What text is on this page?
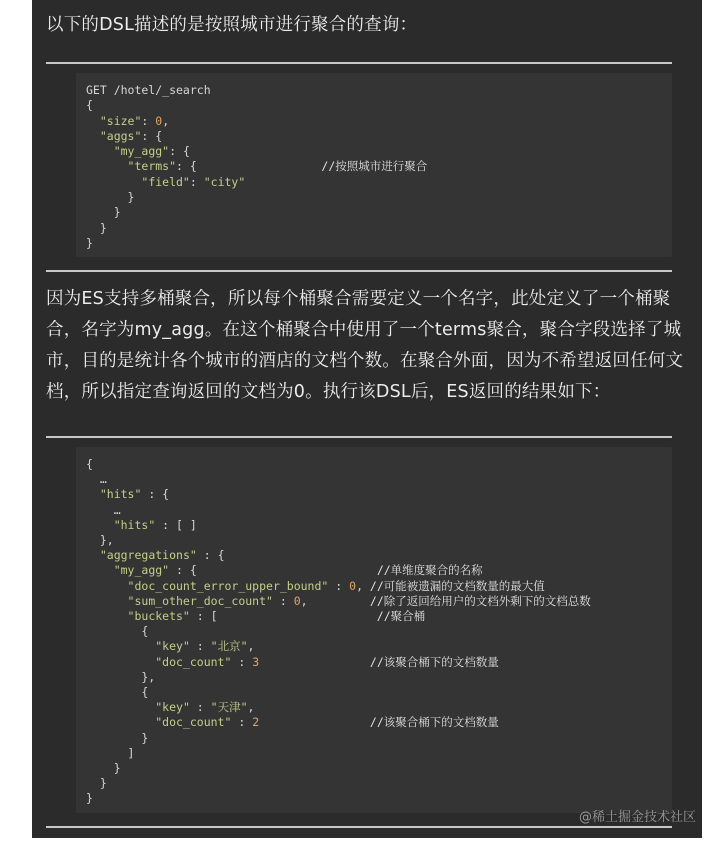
以下的DSL描述的是按照城市进行聚合的查询：

GET /hotel/_search
{
"size": 0,
"aggs": {
"my_agg": {
"terms": {                  //按照城市进行聚合
"field": "city"
}
}
}
}

因为ES支持多桶聚合，所以每个桶聚合需要定义一个名字，此处定义了一个桶聚合，名字为my_agg。在这个桶聚合中使用了一个terms聚合，聚合字段选择了城市，目的是统计各个城市的酒店的文档个数。在聚合外面，因为不希望返回任何文档，所以指定查询返回的文档为0。执行该DSL后，ES返回的结果如下：

{
…
"hits" : {
…
"hits" : [ ]
},
"aggregations" : {
"my_agg" : {                          //单维度聚合的名称
"doc_count_error_upper_bound" : 0, //可能被遗漏的文档数量的最大值
"sum_other_doc_count" : 0,         //除了返回给用户的文档外剩下的文档总数
"buckets" : [                       //聚合桶
{
"key" : "北京",
"doc_count" : 3	//该聚合桶下的文档数量
},
{
"key" : "天津",
"doc_count" : 2	//该聚合桶下的文档数量
}
]
}
}
}
@稀土掘金技术社区
